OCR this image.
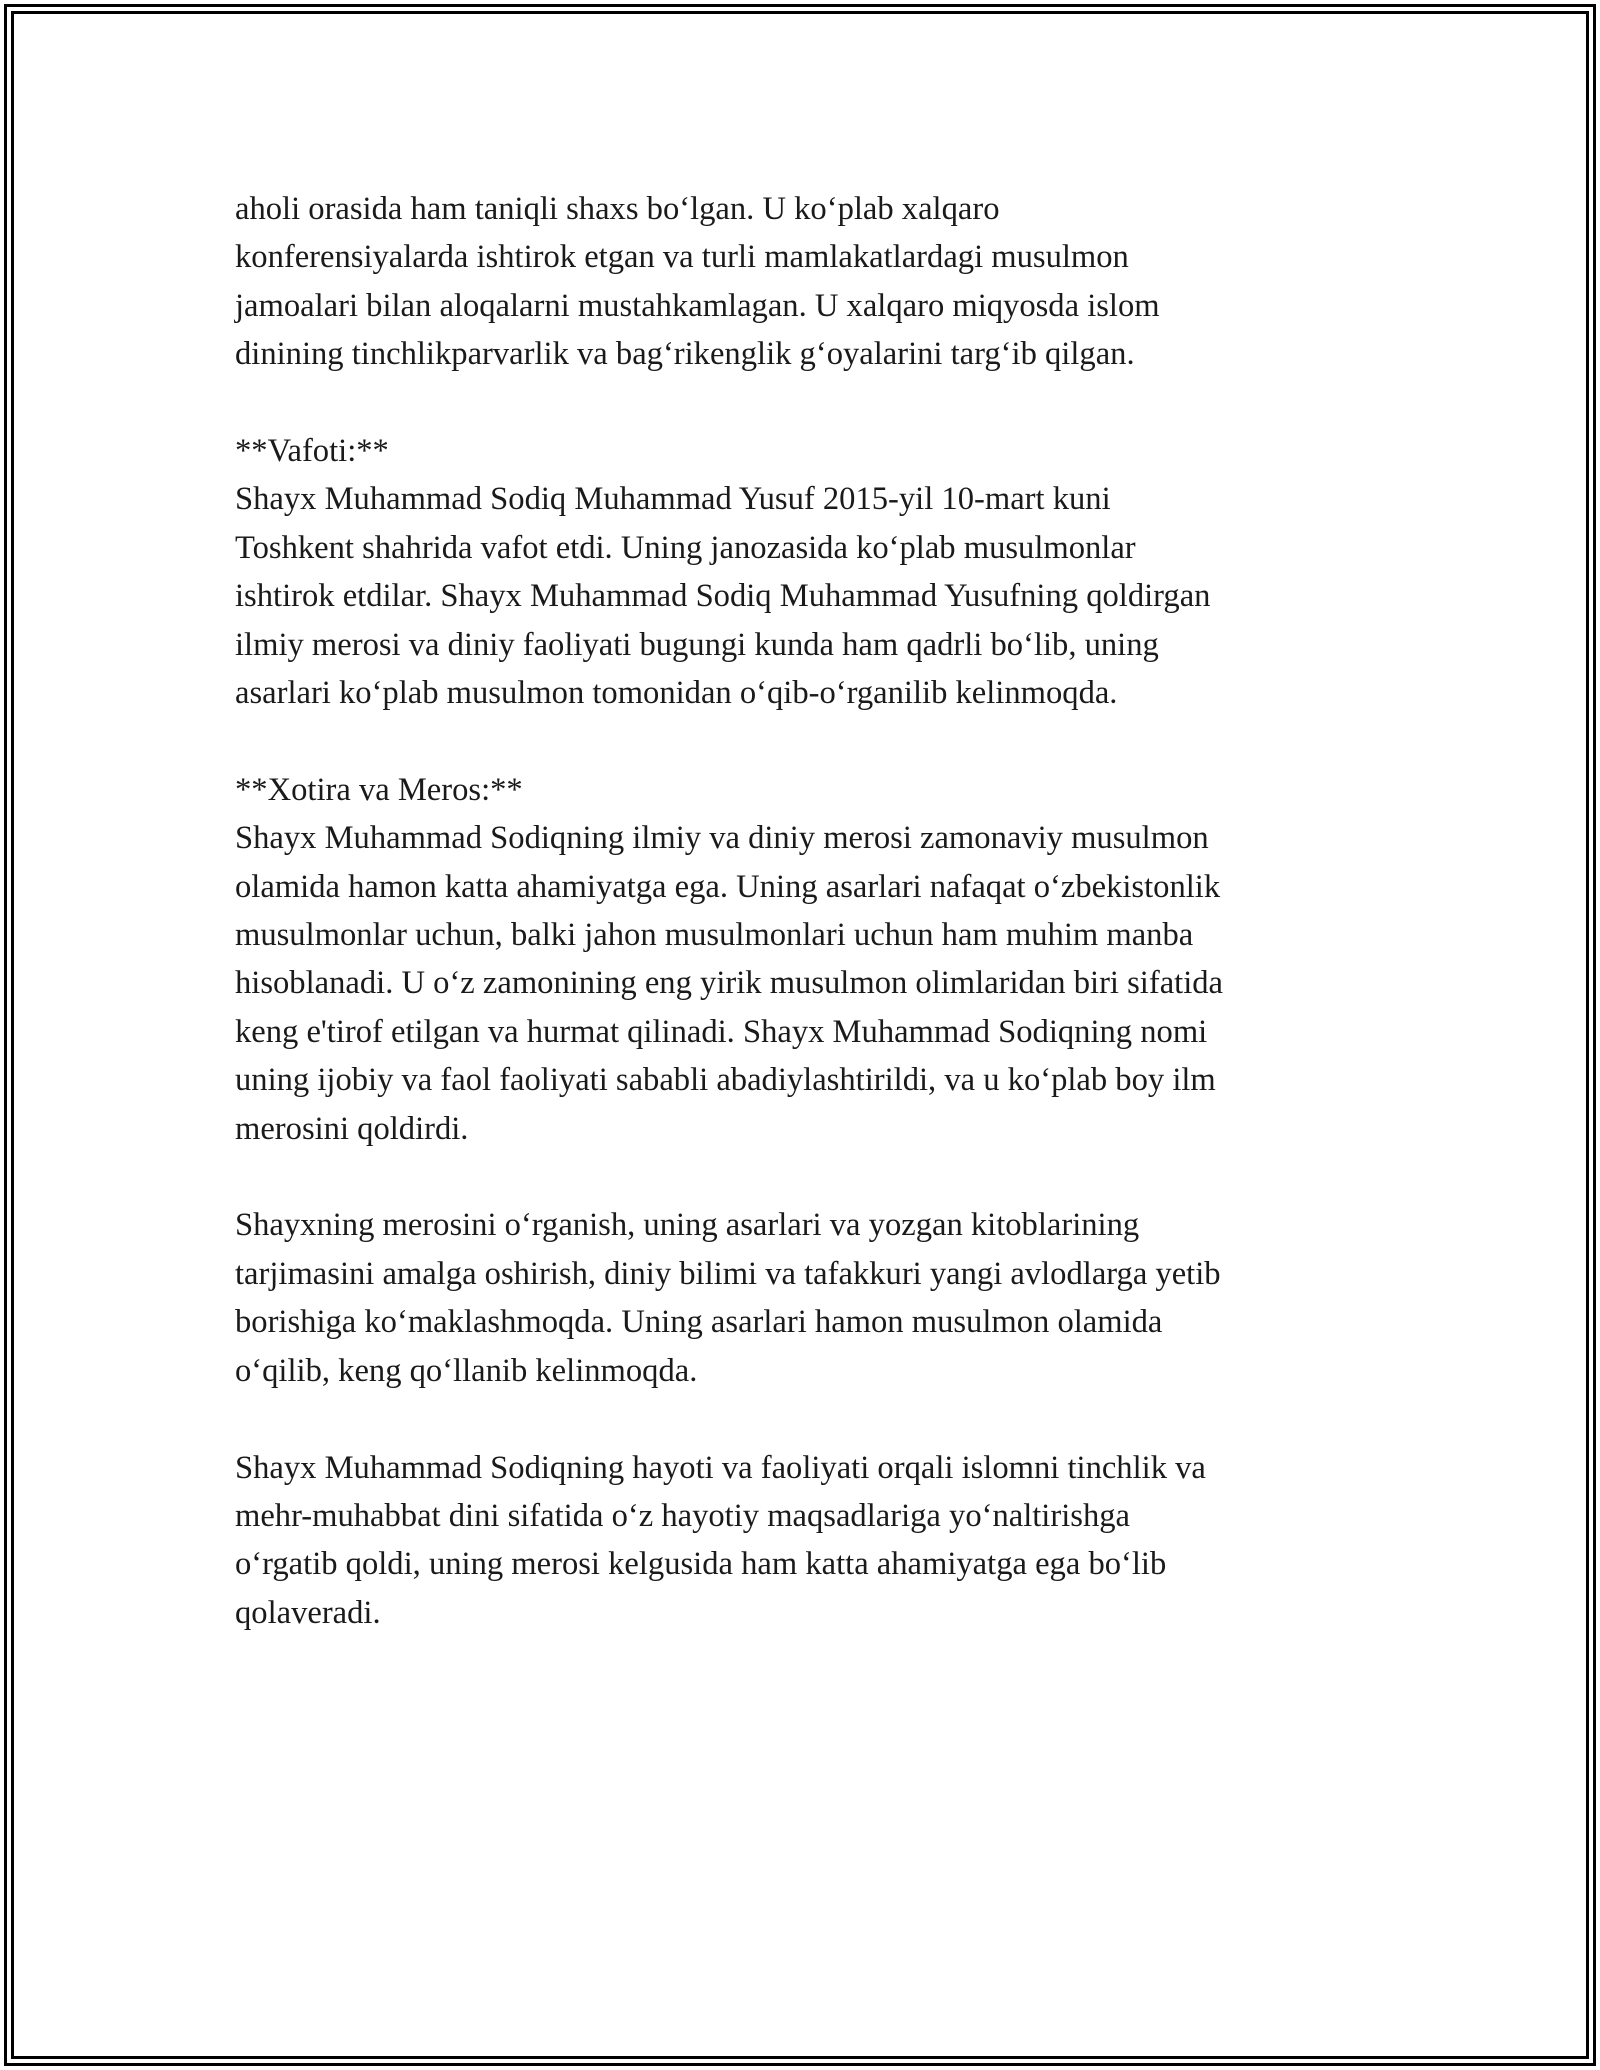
aholi orasida ham taniqli shaxs bo‘lgan. U ko‘plab xalqaro
konferensiyalarda ishtirok etgan va turli mamlakatlardagi musulmon
jamoalari bilan aloqalarni mustahkamlagan. U xalqaro miqyosda islom
dinining tinchlikparvarlik va bag‘rikenglik g‘oyalarini targ‘ib qilgan.

**Vafoti:**

Shayx Muhammad Sodiq Muhammad Yusuf 2015-yil 10-mart kuni
Toshkent shahrida vafot etdi. Uning janozasida ko‘plab musulmonlar
ishtirok etdilar. Shayx Muhammad Sodiq Muhammad Yusufning qoldirgan
ilmiy merosi va diniy faoliyati bugungi kunda ham qadrli bo‘lib, uning
asarlari ko‘plab musulmon tomonidan o‘qib-o‘rganilib kelinmoqda.

**Xotira va Meros:**

Shayx Muhammad Sodiqning ilmiy va diniy merosi zamonaviy musulmon
olamida hamon katta ahamiyatga ega. Uning asarlari nafaqat o‘zbekistonlik
musulmonlar uchun, balki jahon musulmonlari uchun ham muhim manba
hisoblanadi. U o‘z zamonining eng yirik musulmon olimlaridan biri sifatida
keng e'tirof etilgan va hurmat qilinadi. Shayx Muhammad Sodiqning nomi
uning ijobiy va faol faoliyati sababli abadiylashtirildi, va u ko‘plab boy ilm
merosini qoldirdi.

Shayxning merosini o‘rganish, uning asarlari va yozgan kitoblarining
tarjimasini amalga oshirish, diniy bilimi va tafakkuri yangi avlodlarga yetib
borishiga ko‘maklashmoqda. Uning asarlari hamon musulmon olamida
o‘qilib, keng qo‘llanib kelinmoqda.

Shayx Muhammad Sodiqning hayoti va faoliyati orqali islomni tinchlik va
mehr-muhabbat dini sifatida o‘z hayotiy maqsadlariga yo‘naltirishga
o‘rgatib qoldi, uning merosi kelgusida ham katta ahamiyatga ega bo‘lib
qolaveradi.
